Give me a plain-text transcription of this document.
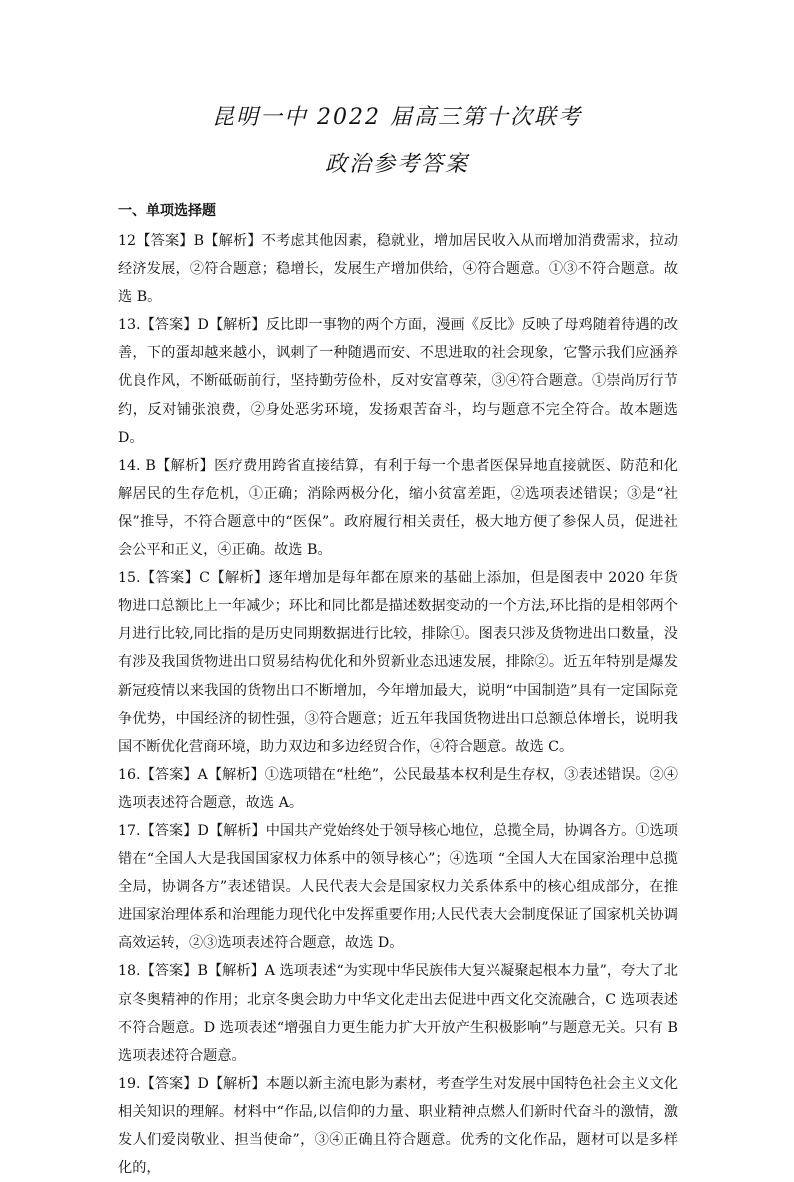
昆明一中 2022 届高三第十次联考
政治参考答案
一、单项选择题

12【答案】B【解析】不考虑其他因素，稳就业，增加居民收入从而增加消费需求，拉动经济发展，②符合题意；稳增长，发展生产增加供给，④符合题意。①③不符合题意。故选 B。

13.【答案】D【解析】反比即一事物的两个方面，漫画《反比》反映了母鸡随着待遇的改善，下的蛋却越来越小，讽刺了一种随遇而安、不思进取的社会现象，它警示我们应涵养优良作风，不断砥砺前行，坚持勤劳俭朴，反对安富尊荣，③④符合题意。①崇尚厉行节约，反对铺张浪费，②身处恶劣环境，发扬艰苦奋斗，均与题意不完全符合。故本题选 D。

14. B【解析】医疗费用跨省直接结算，有利于每一个患者医保异地直接就医、防范和化解居民的生存危机，①正确；消除两极分化，缩小贫富差距，②选项表述错误；③是“社保”推导，不符合题意中的“医保”。政府履行相关责任，极大地方便了参保人员，促进社会公平和正义，④正确。故选 B。

15.【答案】C【解析】逐年增加是每年都在原来的基础上添加，但是图表中 2020 年货物进口总额比上一年减少；环比和同比都是描述数据变动的一个方法,环比指的是相邻两个月进行比较,同比指的是历史同期数据进行比较，排除①。图表只涉及货物进出口数量，没有涉及我国货物进出口贸易结构优化和外贸新业态迅速发展，排除②。近五年特别是爆发新冠疫情以来我国的货物出口不断增加，今年增加最大，说明“中国制造”具有一定国际竞争优势，中国经济的韧性强，③符合题意；近五年我国货物进出口总额总体增长，说明我国不断优化营商环境，助力双边和多边经贸合作，④符合题意。故选 C。

16.【答案】A【解析】①选项错在“杜绝”，公民最基本权利是生存权，③表述错误。②④选项表述符合题意，故选 A。

17.【答案】D【解析】中国共产党始终处于领导核心地位，总揽全局，协调各方。①选项错在“全国人大是我国国家权力体系中的领导核心”；④选项 “全国人大在国家治理中总揽全局，协调各方”表述错误。人民代表大会是国家权力关系体系中的核心组成部分，在推进国家治理体系和治理能力现代化中发挥重要作用;人民代表大会制度保证了国家机关协调高效运转，②③选项表述符合题意，故选 D。

18.【答案】B【解析】A 选项表述“为实现中华民族伟大复兴凝聚起根本力量”，夸大了北京冬奥精神的作用；北京冬奥会助力中华文化走出去促进中西文化交流融合，C 选项表述不符合题意。D 选项表述“增强自力更生能力扩大开放产生积极影响”与题意无关。只有 B 选项表述符合题意。

19.【答案】D【解析】本题以新主流电影为素材，考查学生对发展中国特色社会主义文化相关知识的理解。材料中“作品,以信仰的力量、职业精神点燃人们新时代奋斗的激情，激发人们爱岗敬业、担当使命”，③④正确且符合题意。优秀的文化作品，题材可以是多样化的，
